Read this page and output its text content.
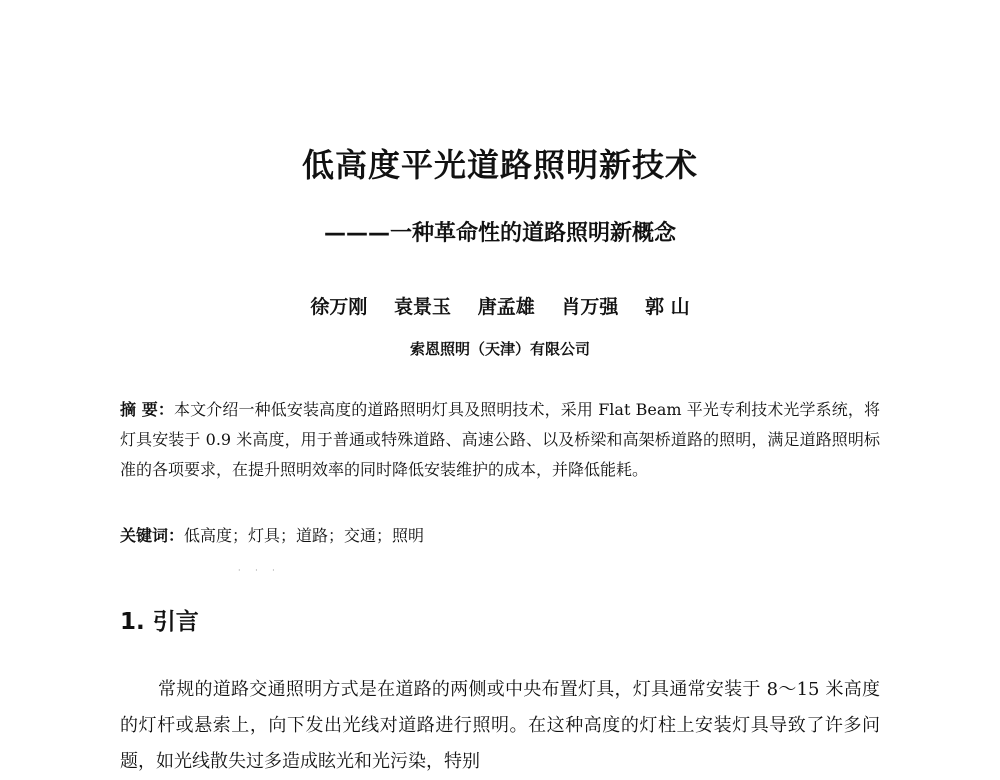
低高度平光道路照明新技术
———一种革命性的道路照明新概念
徐万刚 袁景玉 唐孟雄 肖万强 郭 山
索恩照明（天津）有限公司
摘 要：本文介绍一种低安装高度的道路照明灯具及照明技术，采用 Flat Beam 平光专利技术光学系统，将灯具安装于 0.9 米高度，用于普通或特殊道路、高速公路、以及桥梁和高架桥道路的照明，满足道路照明标准的各项要求，在提升照明效率的同时降低安装维护的成本，并降低能耗。
关键词：低高度；灯具；道路；交通；照明
· · ·
1. 引言
常规的道路交通照明方式是在道路的两侧或中央布置灯具，灯具通常安装于 8～15 米高度的灯杆或悬索上，向下发出光线对道路进行照明。在这种高度的灯柱上安装灯具导致了许多问题，如光线散失过多造成眩光和光污染，特别
